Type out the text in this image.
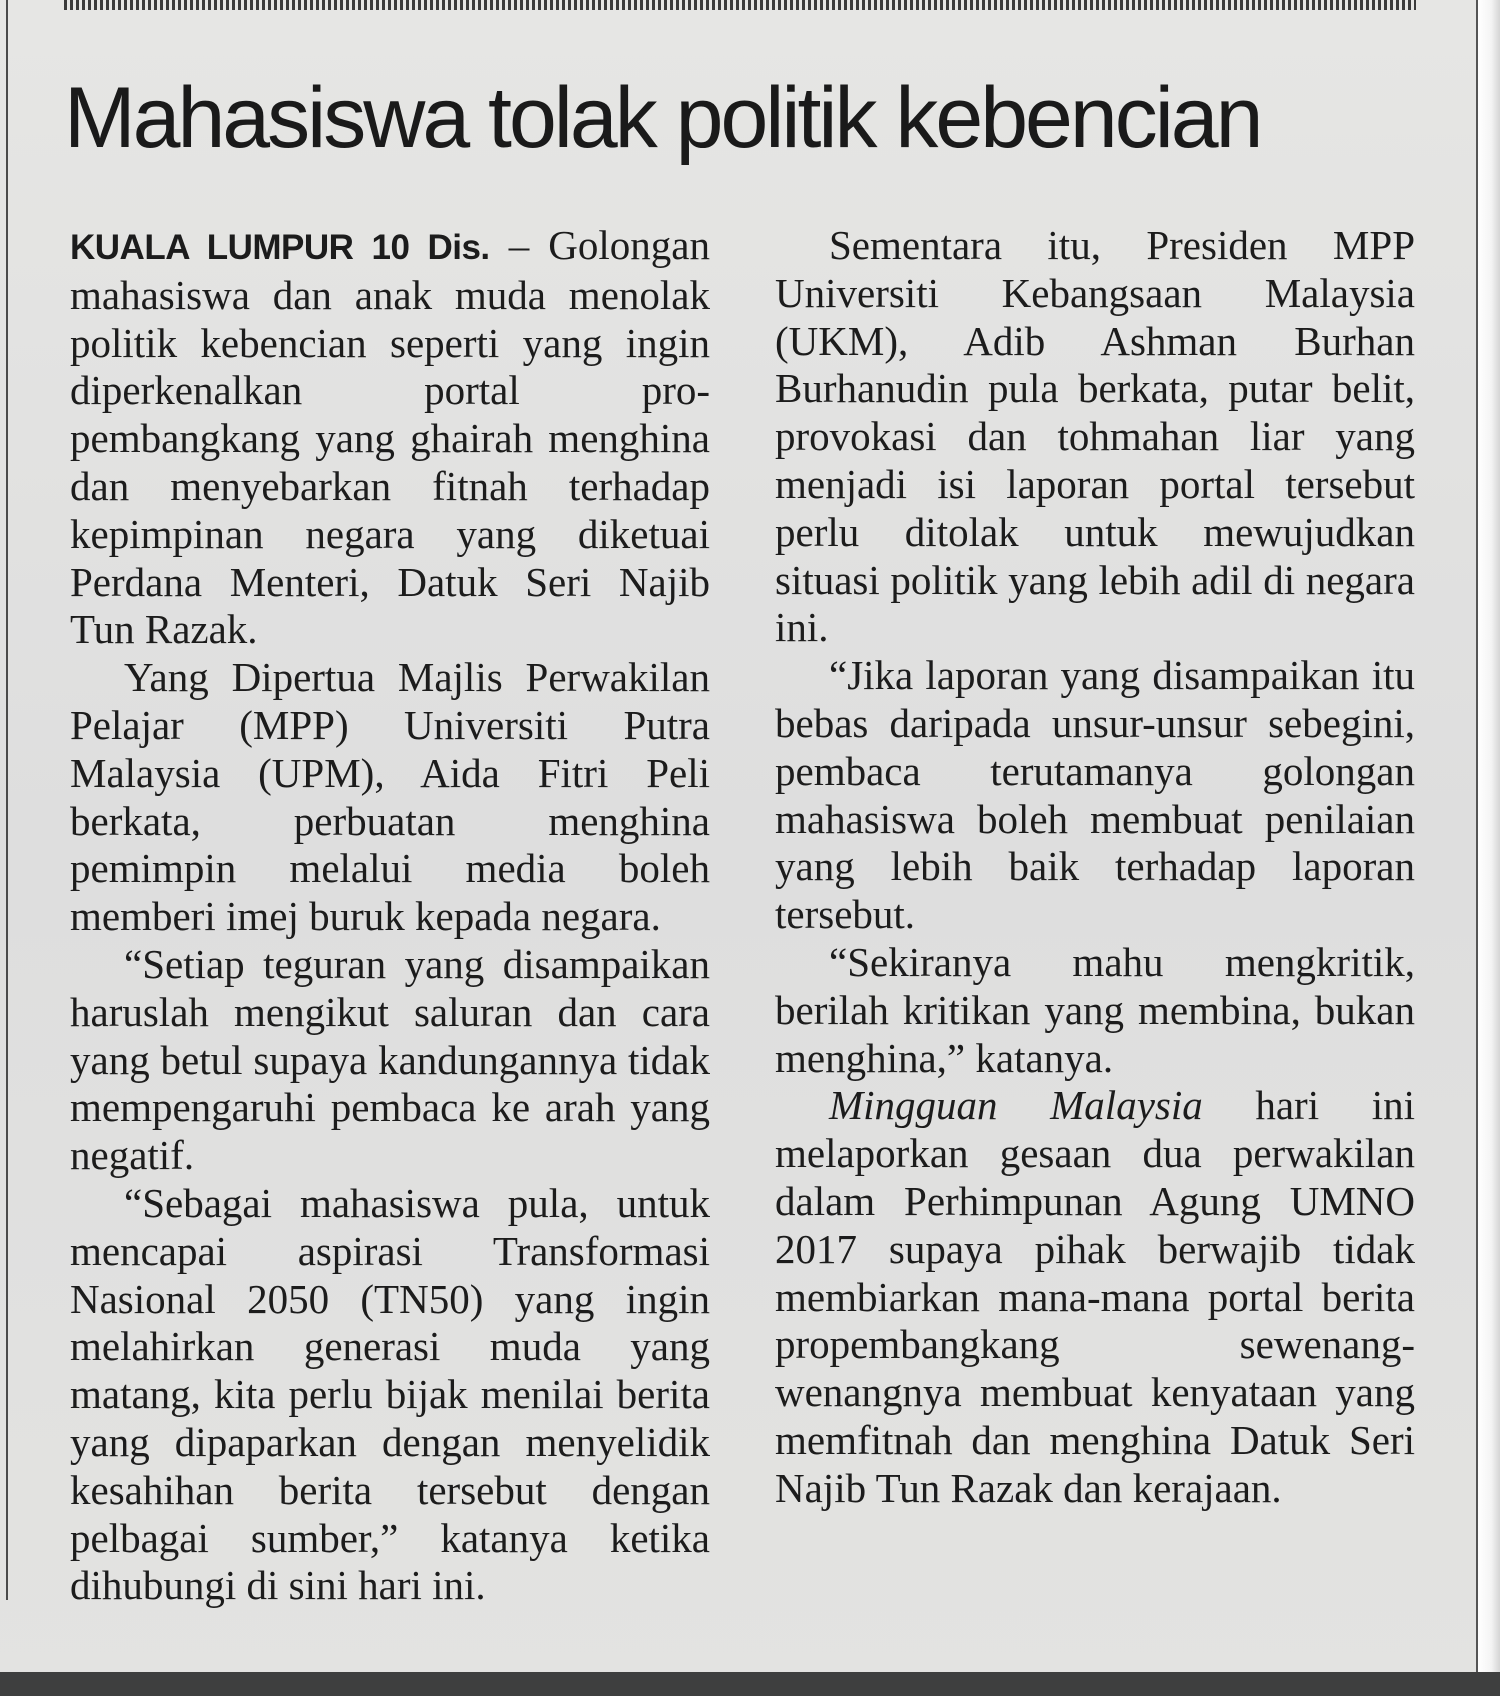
Mahasiswa tolak politik kebencian

KUALA LUMPUR 10 Dis. – Golongan mahasiswa dan anak muda menolak politik kebencian seperti yang ingin diperkenalkan portal pro-pembangkang yang ghairah menghina dan menyebarkan fitnah terhadap kepimpinan negara yang diketuai Perdana Menteri, Datuk Seri Najib Tun Razak.

Yang Dipertua Majlis Perwakilan Pelajar (MPP) Universiti Putra Malaysia (UPM), Aida Fitri Peli berkata, perbuatan menghina pemimpin melalui media boleh memberi imej buruk kepada negara.

“Setiap teguran yang disampaikan haruslah mengikut saluran dan cara yang betul supaya kandungannya tidak mempengaruhi pembaca ke arah yang negatif.

“Sebagai mahasiswa pula, untuk mencapai aspirasi Transformasi Nasional 2050 (TN50) yang ingin melahirkan generasi muda yang matang, kita perlu bijak menilai berita yang dipaparkan dengan menyelidik kesahihan berita tersebut dengan pelbagai sumber,” katanya ketika dihubungi di sini hari ini.

Sementara itu, Presiden MPP Universiti Kebangsaan Malaysia (UKM), Adib Ashman Burhan Burhanudin pula berkata, putar belit, provokasi dan tohmahan liar yang menjadi isi laporan portal tersebut perlu ditolak untuk mewujudkan situasi politik yang lebih adil di negara ini.

“Jika laporan yang disampaikan itu bebas daripada unsur-unsur sebegini, pembaca terutamanya golongan mahasiswa boleh membuat penilaian yang lebih baik terhadap laporan tersebut.

“Sekiranya mahu mengkritik, berilah kritikan yang membina, bukan menghina,” katanya.

Mingguan Malaysia hari ini melaporkan gesaan dua perwakilan dalam Perhimpunan Agung UMNO 2017 supaya pihak berwajib tidak membiarkan mana-mana portal berita propembangkang sewenang-wenangnya membuat kenyataan yang memfitnah dan menghina Datuk Seri Najib Tun Razak dan kerajaan.
